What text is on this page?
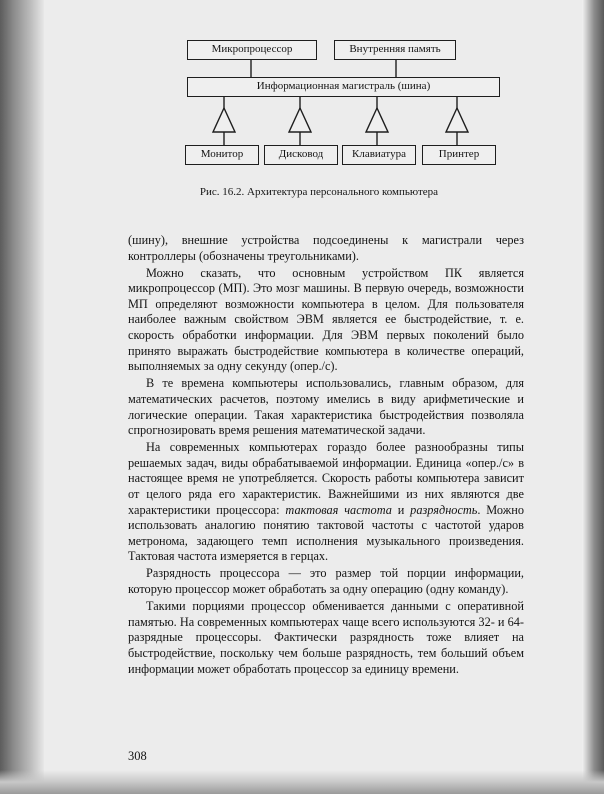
Микропроцессор	Внутренняя память
Информационная магистраль (шина)
Монитор	Дисковод	Клавиатура	Принтер
Рис. 16.2. Архитектура персонального компьютера

(шину), внешние устройства подсоединены к магистрали через контроллеры (обозначены треугольниками).

Можно сказать, что основным устройством ПК является микропроцессор (МП). Это мозг машины. В первую очередь, возможности МП определяют возможности компьютера в целом. Для пользователя наиболее важным свойством ЭВМ является ее быстродействие, т. е. скорость обработки информации. Для ЭВМ первых поколений было принято выражать быстродействие компьютера в количестве операций, выполняемых за одну секунду (опер./с).

В те времена компьютеры использовались, главным образом, для математических расчетов, поэтому имелись в виду арифметические и логические операции. Такая характеристика быстродействия позволяла спрогнозировать время решения математической задачи.

На современных компьютерах гораздо более разнообразны типы решаемых задач, виды обрабатываемой информации. Единица «опер./с» в настоящее время не употребляется. Скорость работы компьютера зависит от целого ряда его характеристик. Важнейшими из них являются две характеристики процессора: тактовая частота и разрядность. Можно использовать аналогию понятию тактовой частоты с частотой ударов метронома, задающего темп исполнения музыкального произведения. Тактовая частота измеряется в герцах.

Разрядность процессора — это размер той порции информации, которую процессор может обработать за одну операцию (одну команду).

Такими порциями процессор обменивается данными с оперативной памятью. На современных компьютерах чаще всего используются 32- и 64-разрядные процессоры. Фактически разрядность тоже влияет на быстродействие, поскольку чем больше разрядность, тем больший объем информации может обработать процессор за единицу времени.

308
